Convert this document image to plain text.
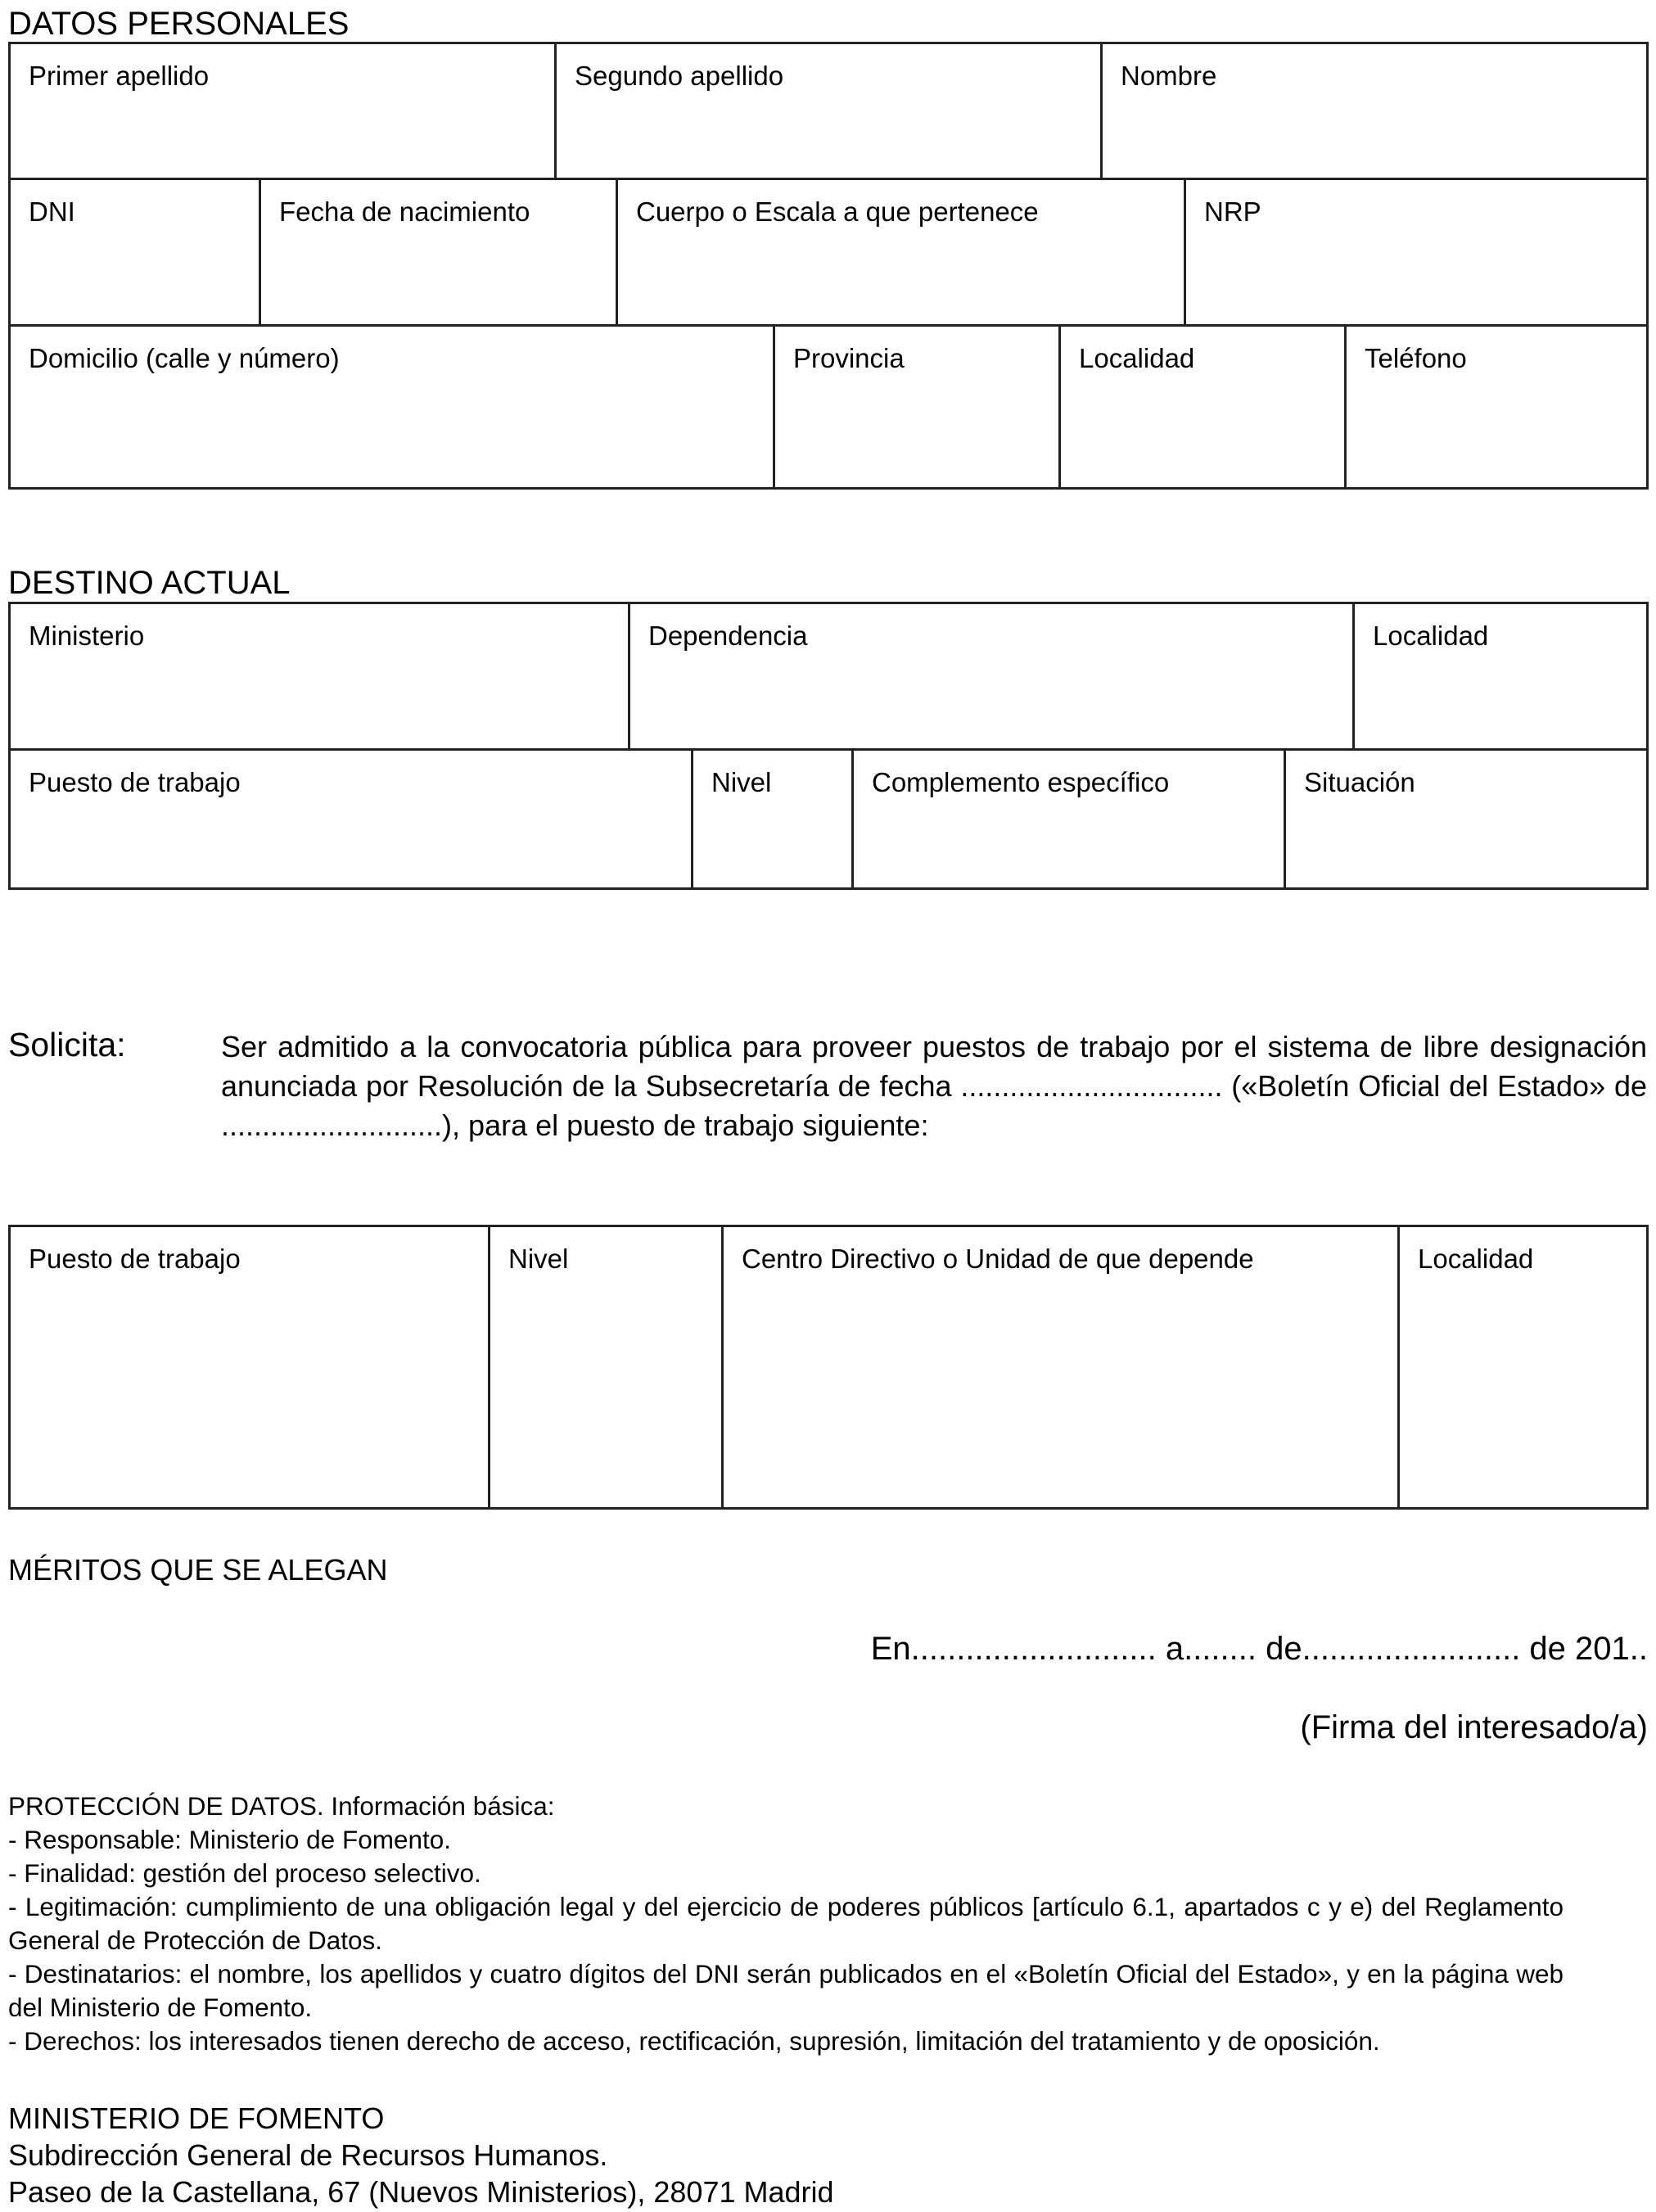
DATOS PERSONALES
Primer apellido	Segundo apellido	Nombre
DNI	Fecha de nacimiento	Cuerpo o Escala a que pertenece	NRP
Domicilio (calle y número)	Provincia	Localidad	Teléfono
DESTINO ACTUAL
Ministerio	Dependencia	Localidad
Puesto de trabajo	Nivel	Complemento específico	Situación
Solicita:	Ser admitido a la convocatoria pública para proveer puestos de trabajo por el sistema de libre designación anunciada por Resolución de la Subsecretaría de fecha ................................ («Boletín Oficial del Estado» de ...........................), para el puesto de trabajo siguiente:
Puesto de trabajo	Nivel	Centro Directivo o Unidad de que depende	Localidad
MÉRITOS QUE SE ALEGAN
En........................... a........ de........................ de 201..
(Firma del interesado/a)
PROTECCIÓN DE DATOS. Información básica:
- Responsable: Ministerio de Fomento.
- Finalidad: gestión del proceso selectivo.
- Legitimación: cumplimiento de una obligación legal y del ejercicio de poderes públicos [artículo 6.1, apartados c y e) del Reglamento General de Protección de Datos.
- Destinatarios: el nombre, los apellidos y cuatro dígitos del DNI serán publicados en el «Boletín Oficial del Estado», y en la página web del Ministerio de Fomento.
- Derechos: los interesados tienen derecho de acceso, rectificación, supresión, limitación del tratamiento y de oposición.
MINISTERIO DE FOMENTO
Subdirección General de Recursos Humanos.
Paseo de la Castellana, 67 (Nuevos Ministerios), 28071 Madrid
